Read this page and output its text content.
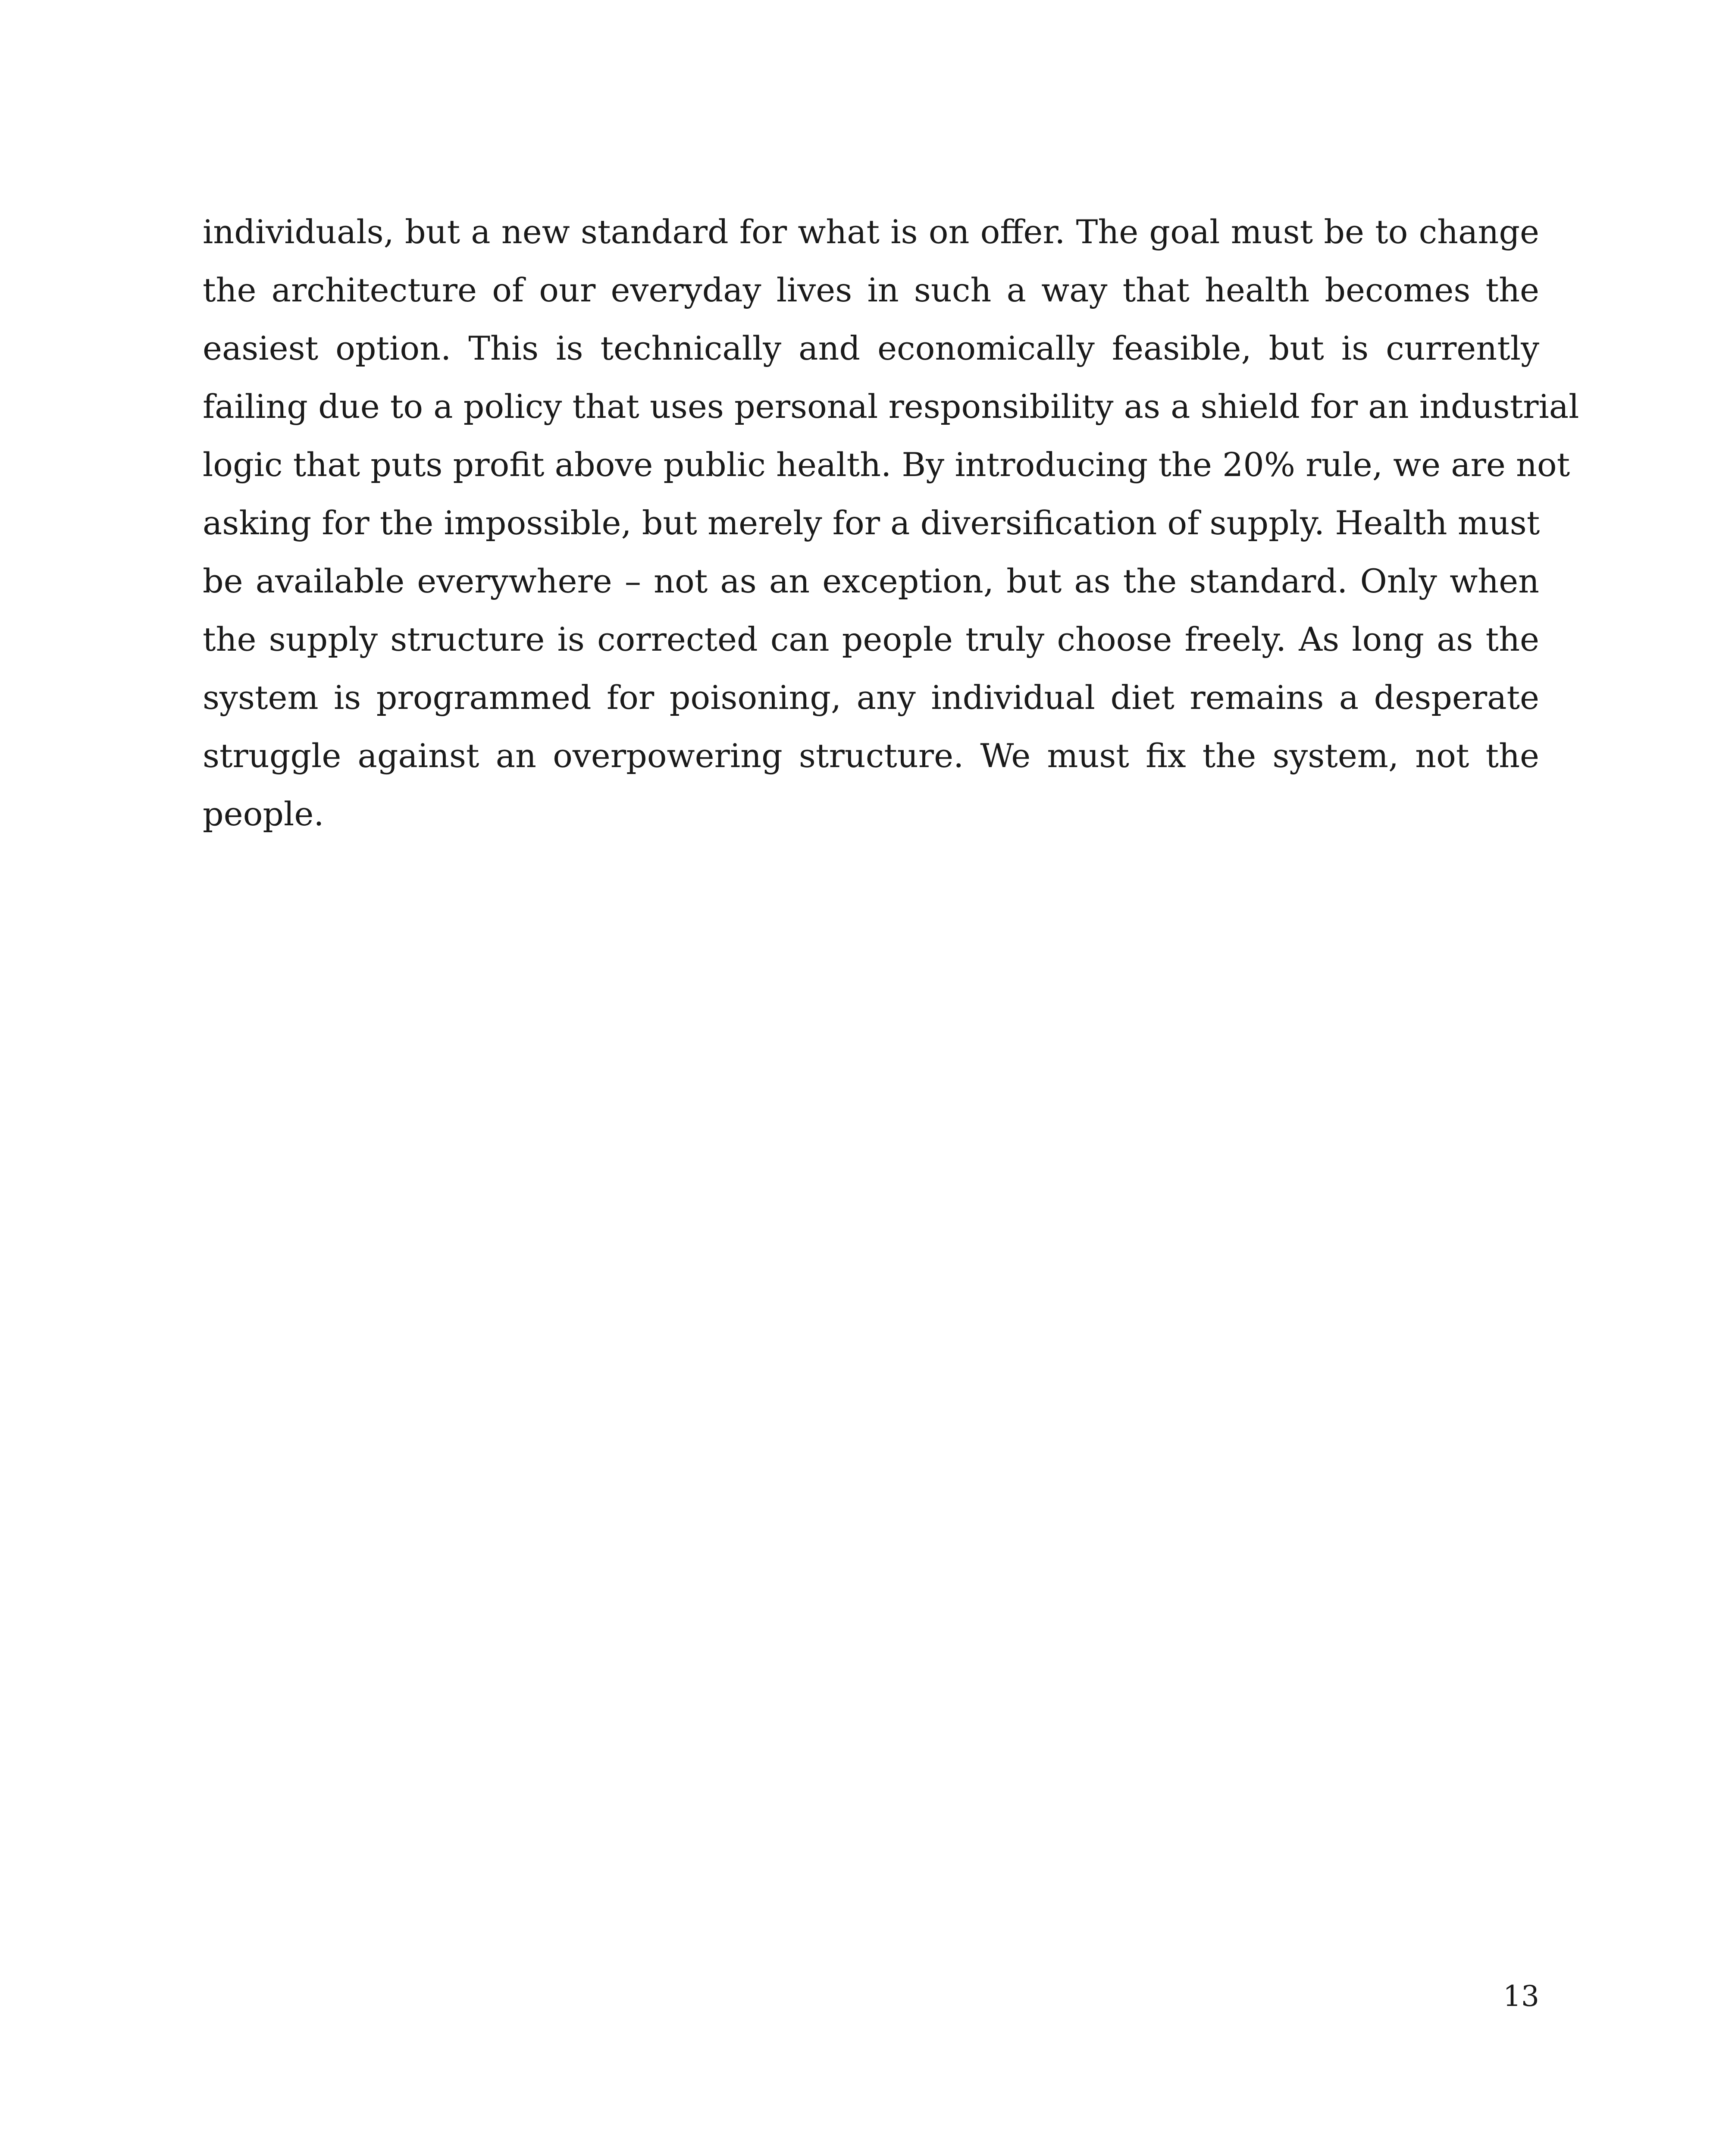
individuals, but a new standard for what is on offer. The goal must be to change
the architecture of our everyday lives in such a way that health becomes the
easiest option. This is technically and economically feasible, but is currently
failing due to a policy that uses personal responsibility as a shield for an industrial
logic that puts profit above public health. By introducing the 20% rule, we are not
asking for the impossible, but merely for a diversification of supply. Health must
be available everywhere – not as an exception, but as the standard. Only when
the supply structure is corrected can people truly choose freely. As long as the
system is programmed for poisoning, any individual diet remains a desperate
struggle against an overpowering structure. We must fix the system, not the
people.

13
